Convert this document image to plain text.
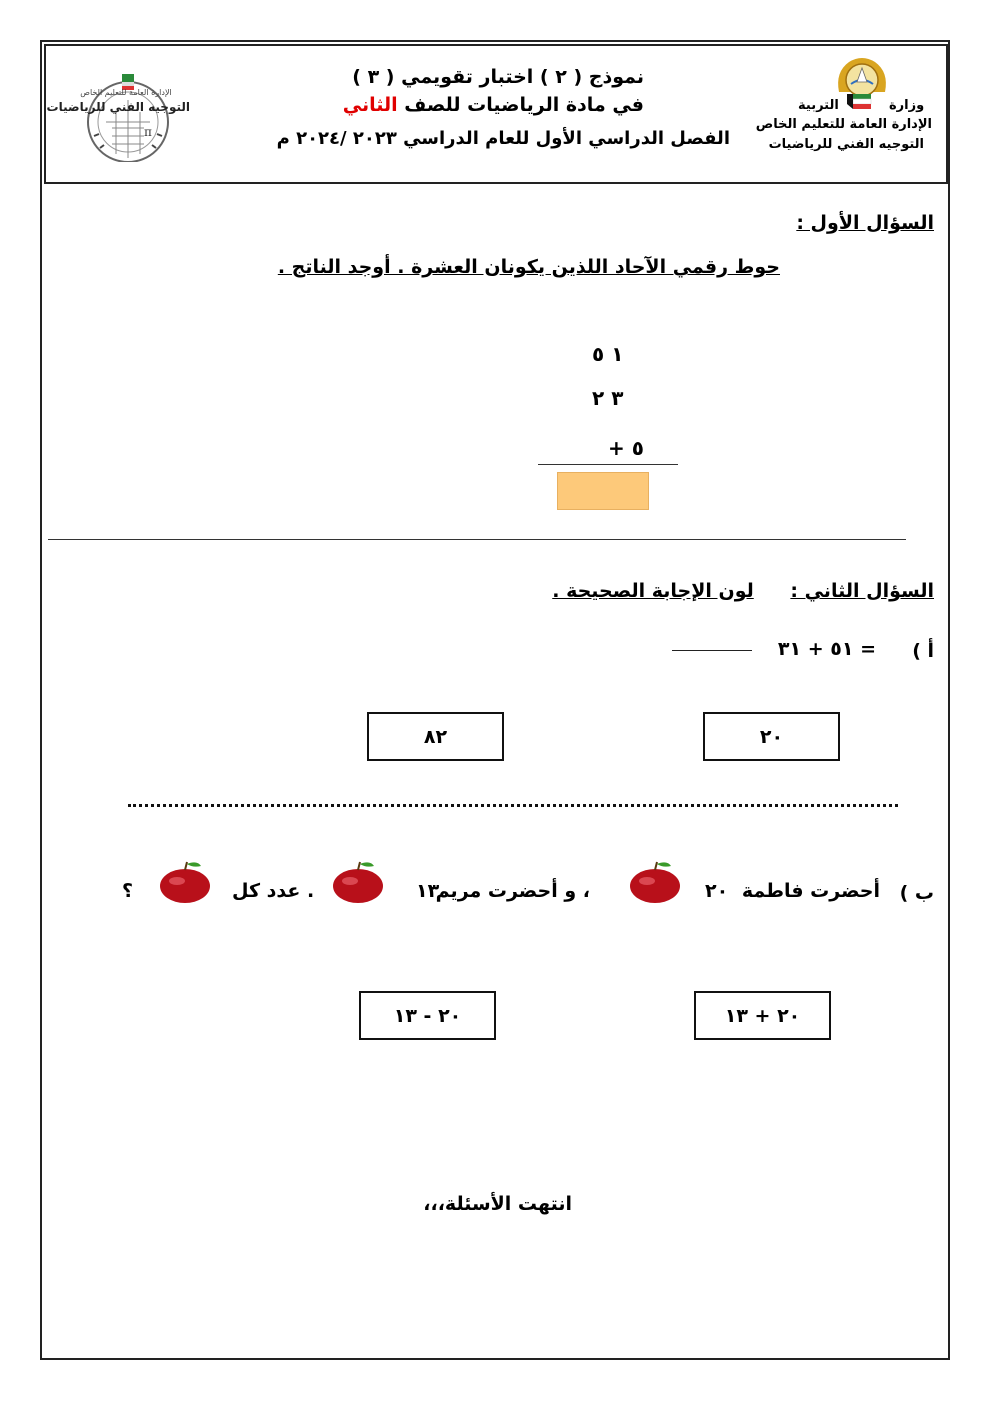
π
الإدارة العامة للتعليم الخاص
التوجيه الفني للرياضيات
نموذج ( ٢ ) اختبار تقويمي ( ٣ )
في مادة الرياضيات للصف الثاني
الفصل الدراسي الأول للعام الدراسي ٢٠٢٣ /٢٠٢٤ م
وزارة
التربية
الإدارة العامة للتعليم الخاص
التوجيه الفني للرياضيات
السؤال الأول :
حوط رقمي الآحاد اللذين يكونان العشرة . أوجد الناتج .
١ ٥
٣ ٢
+ ٥
السؤال الثاني : لون الإجابة الصحيحة .
أ )
٥١ + ٣١ =
٢٠
٨٢
ب )
أحضرت فاطمة
٢٠
، و أحضرت مريم
١٣
. عدد كل
؟
٢٠ + ١٣
٢٠ - ١٣
انتهت الأسئلة،،،
